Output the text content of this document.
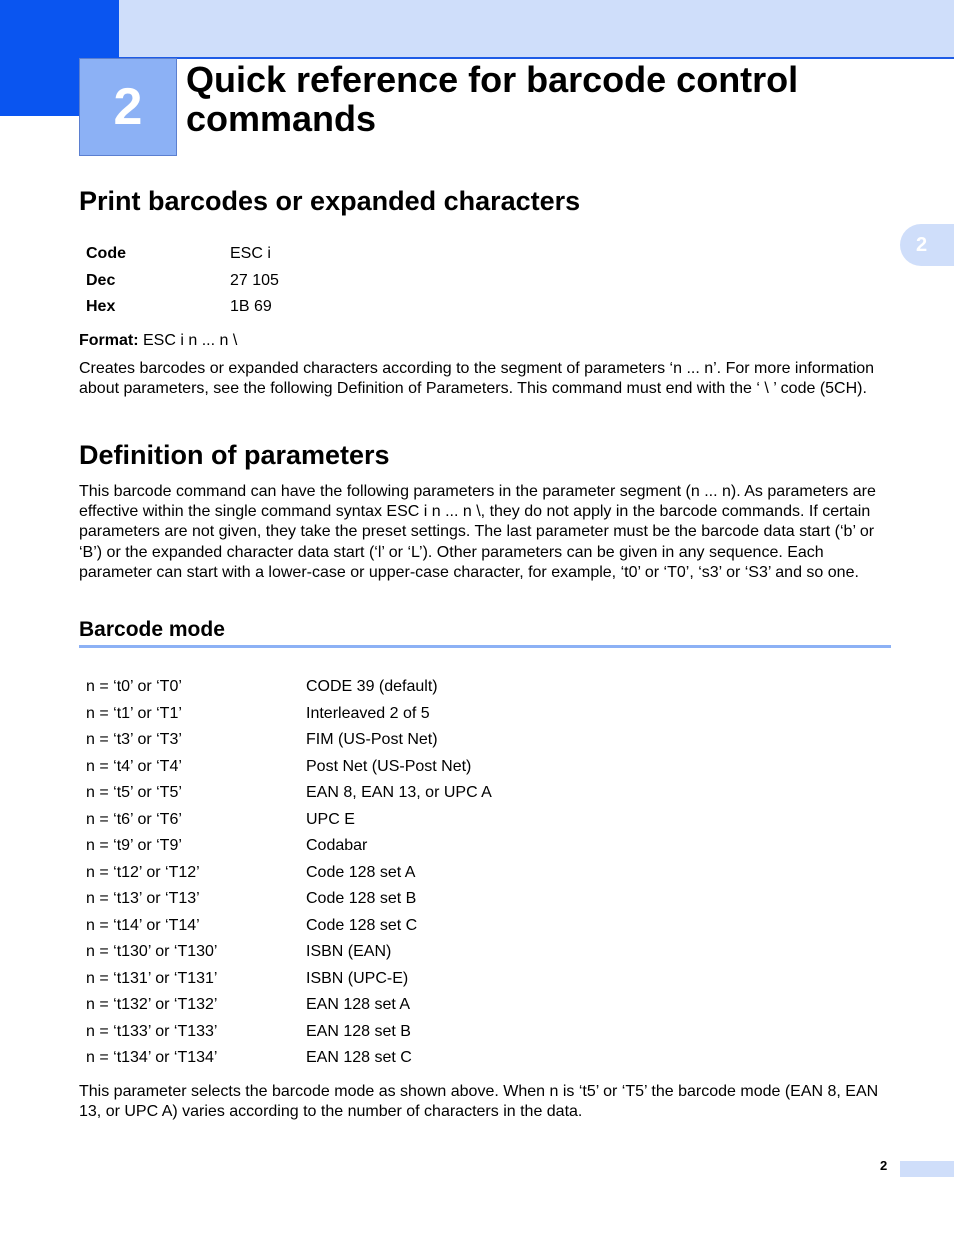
2	Quick reference for barcode control commands
2
Print barcodes or expanded characters
Code	ESC i
Dec	27 105
Hex	1B 69

Format: ESC i n ... n \

Creates barcodes or expanded characters according to the segment of parameters ‘n ... n’. For more information about parameters, see the following Definition of Parameters. This command must end with the ‘ \ ’ code (5CH).

Definition of parameters

This barcode command can have the following parameters in the parameter segment (n ... n). As parameters are effective within the single command syntax ESC i n ... n \, they do not apply in the barcode commands. If certain parameters are not given, they take the preset settings. The last parameter must be the barcode data start (‘b’ or ‘B’) or the expanded character data start (‘l’ or ‘L’). Other parameters can be given in any sequence. Each parameter can start with a lower-case or upper-case character, for example, ‘t0’ or ‘T0’, ‘s3’ or ‘S3’ and so one.

Barcode mode
n = ‘t0’ or ‘T0’	CODE 39 (default)
n = ‘t1’ or ‘T1’	Interleaved 2 of 5
n = ‘t3’ or ‘T3’	FIM (US-Post Net)
n = ‘t4’ or ‘T4’	Post Net (US-Post Net)
n = ‘t5’ or ‘T5’	EAN 8, EAN 13, or UPC A
n = ‘t6’ or ‘T6’	UPC E
n = ‘t9’ or ‘T9’	Codabar
n = ‘t12’ or ‘T12’	Code 128 set A
n = ‘t13’ or ‘T13’	Code 128 set B
n = ‘t14’ or ‘T14’	Code 128 set C
n = ‘t130’ or ‘T130’	ISBN (EAN)
n = ‘t131’ or ‘T131’	ISBN (UPC-E)
n = ‘t132’ or ‘T132’	EAN 128 set A
n = ‘t133’ or ‘T133’	EAN 128 set B
n = ‘t134’ or ‘T134’	EAN 128 set C

This parameter selects the barcode mode as shown above. When n is ‘t5’ or ‘T5’ the barcode mode (EAN 8, EAN 13, or UPC A) varies according to the number of characters in the data.

2
